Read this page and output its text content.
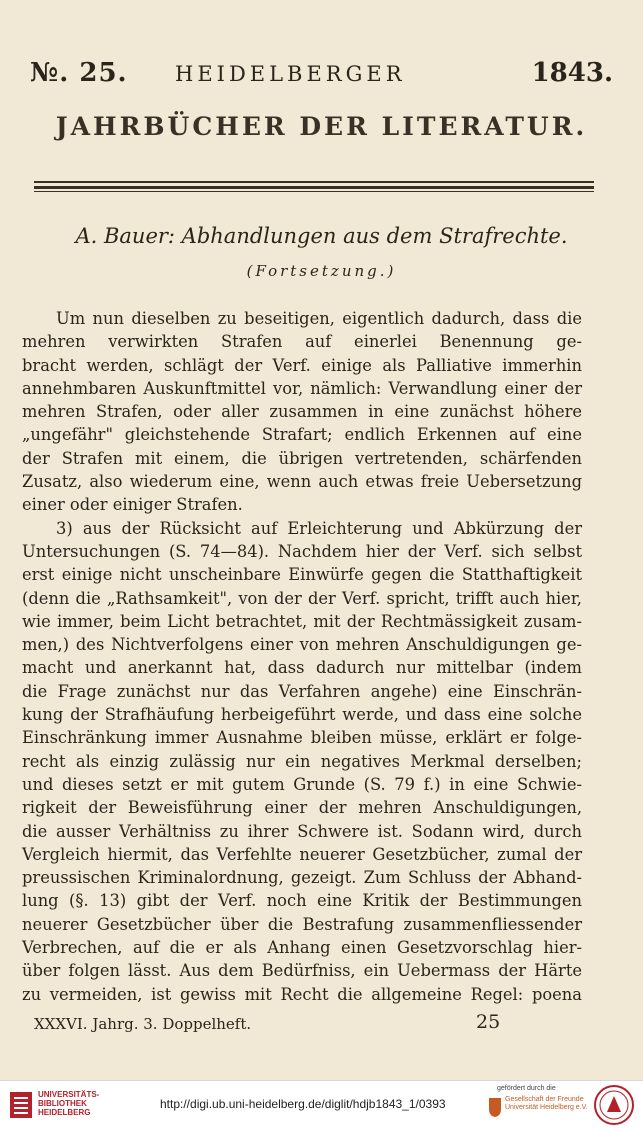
№. 25. HEIDELBERGER	1843.
JAHRBÜCHER DER LITERATUR.
A. Bauer: Abhandlungen aus dem Strafrechte.
(Fortsetzung.)
Um nun dieselben zu beseitigen, eigentlich dadurch, dass die
mehren verwirkten Strafen auf einerlei Benennung ge-
bracht werden, schlägt der Verf. einige als Palliative immerhin
annehmbaren Auskunftmittel vor, nämlich: Verwandlung einer der
mehren Strafen, oder aller zusammen in eine zunächst höhere
„ungefähr" gleichstehende Strafart; endlich Erkennen auf eine
der Strafen mit einem, die übrigen vertretenden, schärfenden
Zusatz, also wiederum eine, wenn auch etwas freie Uebersetzung
einer oder einiger Strafen.
3) aus der Rücksicht auf Erleichterung und Abkürzung der
Untersuchungen (S. 74—84). Nachdem hier der Verf. sich selbst
erst einige nicht unscheinbare Einwürfe gegen die Statthaftigkeit
(denn die „Rathsamkeit", von der der Verf. spricht, trifft auch hier,
wie immer, beim Licht betrachtet, mit der Rechtmässigkeit zusam-
men,) des Nichtverfolgens einer von mehren Anschuldigungen ge-
macht und anerkannt hat, dass dadurch nur mittelbar (indem
die Frage zunächst nur das Verfahren angehe) eine Einschrän-
kung der Strafhäufung herbeigeführt werde, und dass eine solche
Einschränkung immer Ausnahme bleiben müsse, erklärt er folge-
recht als einzig zulässig nur ein negatives Merkmal derselben;
und dieses setzt er mit gutem Grunde (S. 79 f.) in eine Schwie-
rigkeit der Beweisführung einer der mehren Anschuldigungen,
die ausser Verhältniss zu ihrer Schwere ist. Sodann wird, durch
Vergleich hiermit, das Verfehlte neuerer Gesetzbücher, zumal der
preussischen Kriminalordnung, gezeigt. Zum Schluss der Abhand-
lung (§. 13) gibt der Verf. noch eine Kritik der Bestimmungen
neuerer Gesetzbücher über die Bestrafung zusammenfliessender
Verbrechen, auf die er als Anhang einen Gesetzvorschlag hier-
über folgen lässt. Aus dem Bedürfniss, ein Uebermass der Härte
zu vermeiden, ist gewiss mit Recht die allgemeine Regel: poena
XXXVI. Jahrg. 3. Doppelheft.	25
UNIVERSITÄTS-
BIBLIOTHEK
HEIDELBERG
http://digi.ub.uni-heidelberg.de/diglit/hdjb1843_1/0393
gefördert durch die
Gesellschaft der Freunde
Universität Heidelberg e.V.
